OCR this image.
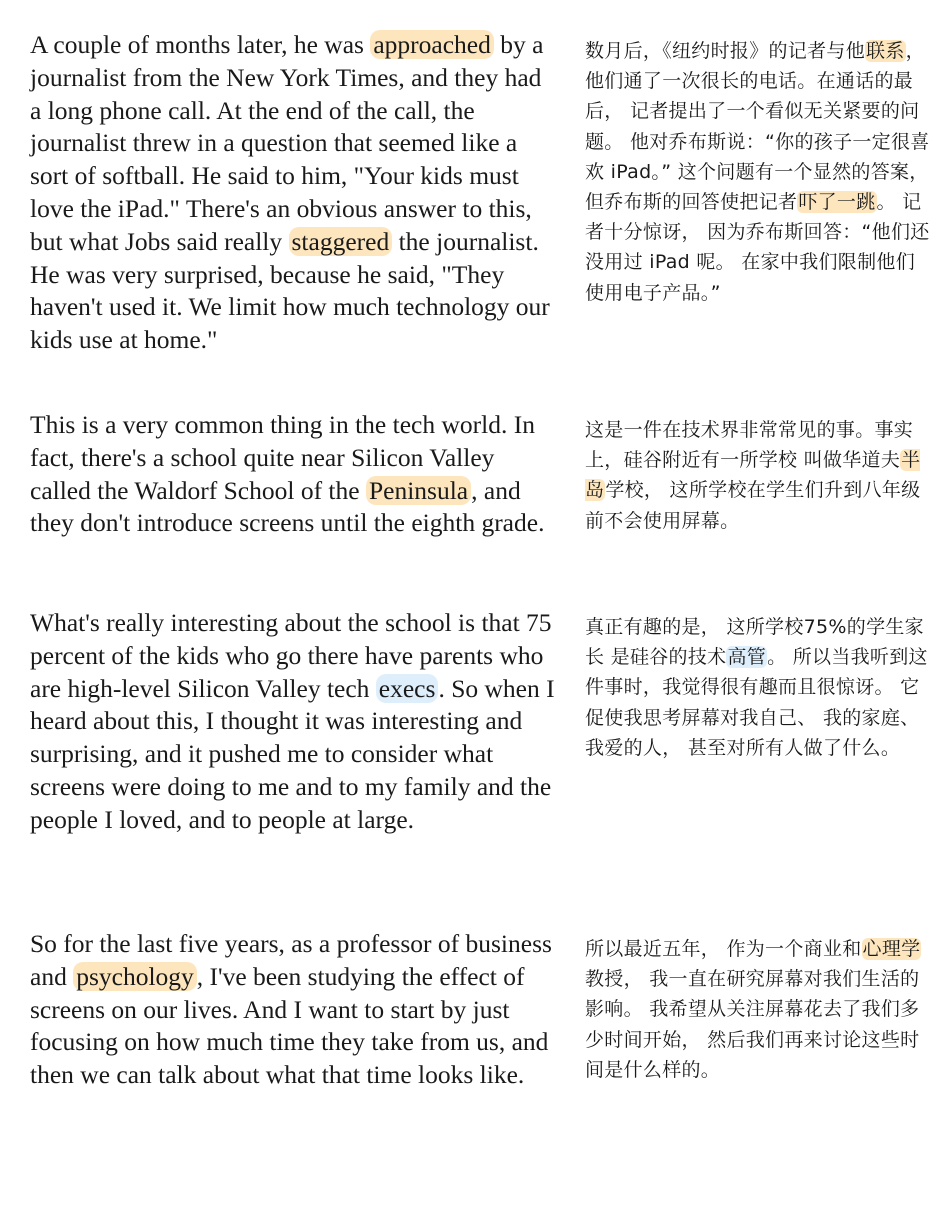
A couple of months later, he was approached by a journalist from the New York Times, and they had a long phone call. At the end of the call, the journalist threw in a question that seemed like a sort of softball. He said to him, "Your kids must love the iPad." There's an obvious answer to this, but what Jobs said really staggered the journalist. He was very surprised, because he said, "They haven't used it. We limit how much technology our kids use at home."
数月后，《纽约时报》的记者与他联系， 他们通了一次很长的电话。在通话的最后， 记者提出了一个看似无关紧要的问题。 他对乔布斯说：“你的孩子一定很喜欢 iPad。” 这个问题有一个显然的答案， 但乔布斯的回答使把记者吓了一跳。 记者十分惊讶， 因为乔布斯回答：“他们还没用过 iPad 呢。 在家中我们限制他们使用电子产品。”
This is a very common thing in the tech world. In fact, there's a school quite near Silicon Valley called the Waldorf School of the Peninsula , and they don't introduce screens until the eighth grade.
这是一件在技术界非常常见的事。事实上，硅谷附近有一所学校 叫做华道夫半岛学校， 这所学校在学生们升到八年级前不会使用屏幕。
What's really interesting about the school is that 75 percent of the kids who go there have parents who are high-level Silicon Valley tech execs . So when I heard about this, I thought it was interesting and surprising, and it pushed me to consider what screens were doing to me and to my family and the people I loved, and to people at large.
真正有趣的是， 这所学校75%的学生家长 是硅谷的技术高管。 所以当我听到这件事时，我觉得很有趣而且很惊讶。 它促使我思考屏幕对我自己、 我的家庭、我爱的人， 甚至对所有人做了什么。
So for the last five years, as a professor of business and psychology , I've been studying the effect of screens on our lives. And I want to start by just focusing on how much time they take from us, and then we can talk about what that time looks like.
所以最近五年， 作为一个商业和心理学教授， 我一直在研究屏幕对我们生活的影响。 我希望从关注屏幕花去了我们多少时间开始， 然后我们再来讨论这些时间是什么样的。
